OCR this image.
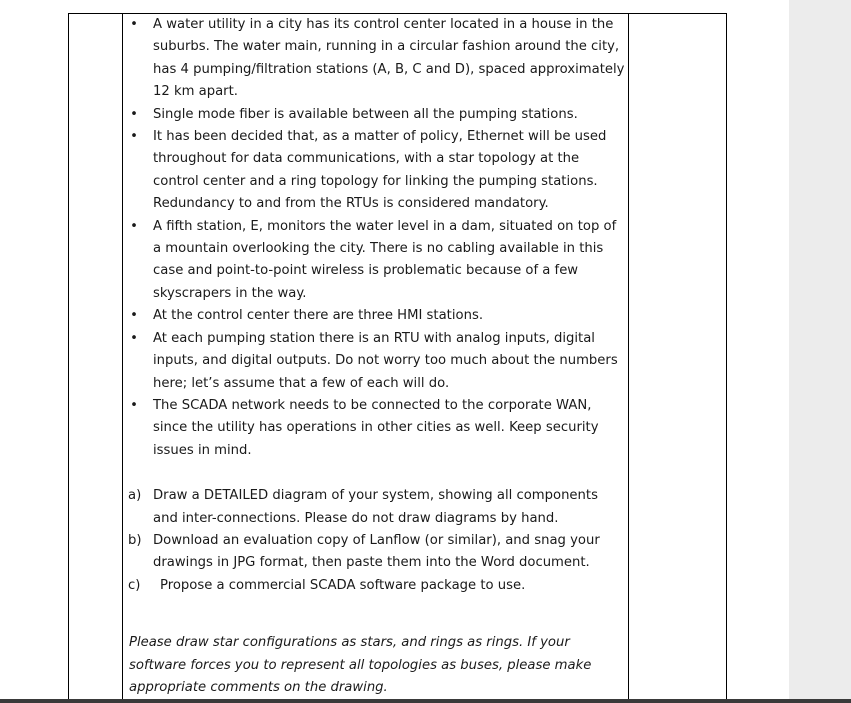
• A water utility in a city has its control center located in a house in the suburbs. The water main, running in a circular fashion around the city, has 4 pumping/filtration stations (A, B, C and D), spaced approximately 12 km apart.
• Single mode fiber is available between all the pumping stations.
• It has been decided that, as a matter of policy, Ethernet will be used throughout for data communications, with a star topology at the control center and a ring topology for linking the pumping stations. Redundancy to and from the RTUs is considered mandatory.
• A fifth station, E, monitors the water level in a dam, situated on top of a mountain overlooking the city. There is no cabling available in this case and point-to-point wireless is problematic because of a few skyscrapers in the way.
• At the control center there are three HMI stations.
• At each pumping station there is an RTU with analog inputs, digital inputs, and digital outputs. Do not worry too much about the numbers here; let’s assume that a few of each will do.
• The SCADA network needs to be connected to the corporate WAN, since the utility has operations in other cities as well. Keep security issues in mind.
a) Draw a DETAILED diagram of your system, showing all components and inter-connections. Please do not draw diagrams by hand.
b) Download an evaluation copy of Lanflow (or similar), and snag your drawings in JPG format, then paste them into the Word document.
c) Propose a commercial SCADA software package to use.
Please draw star configurations as stars, and rings as rings. If your software forces you to represent all topologies as buses, please make appropriate comments on the drawing.
